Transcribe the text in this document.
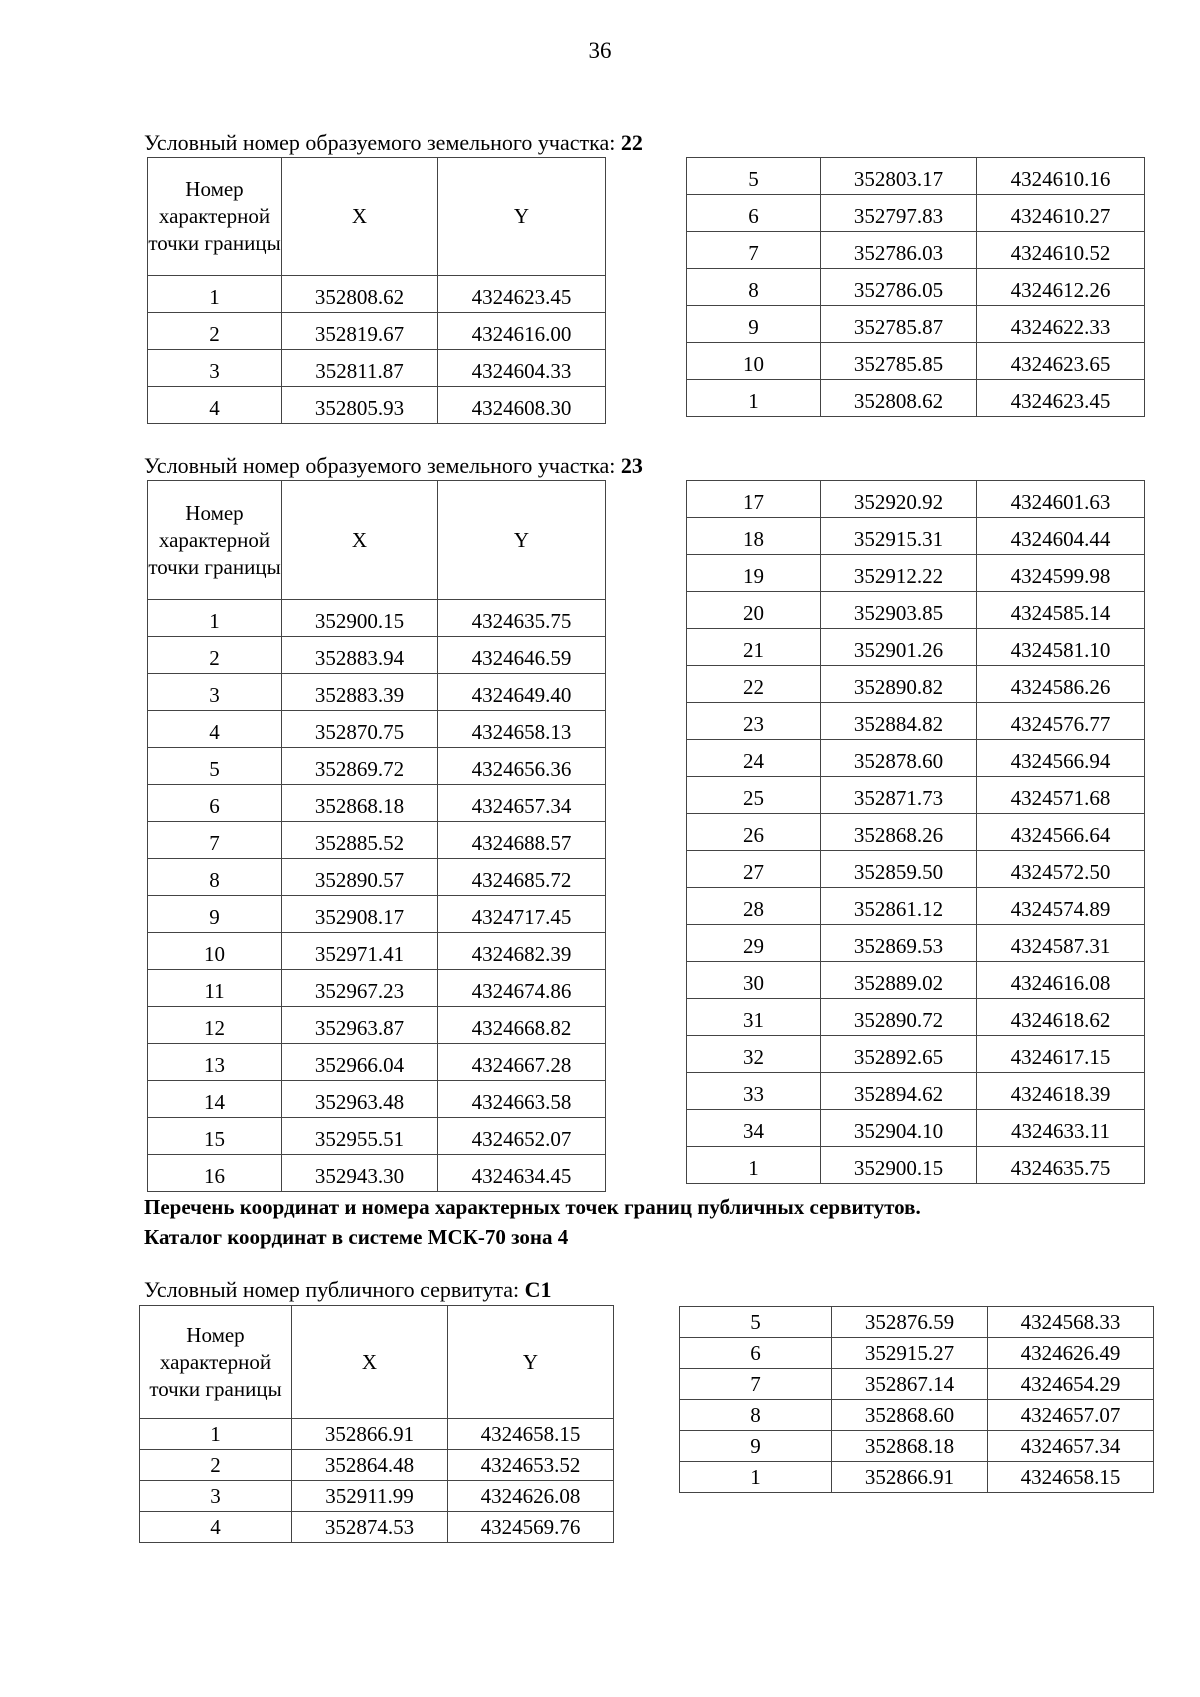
36
Условный номер образуемого земельного участка: 22
Номер характерной точки границы	X	Y
1	352808.62	4324623.45
2	352819.67	4324616.00
3	352811.87	4324604.33
4	352805.93	4324608.30
5	352803.17	4324610.16
6	352797.83	4324610.27
7	352786.03	4324610.52
8	352786.05	4324612.26
9	352785.87	4324622.33
10	352785.85	4324623.65
1	352808.62	4324623.45
Условный номер образуемого земельного участка: 23
Номер характерной точки границы	X	Y
1	352900.15	4324635.75
2	352883.94	4324646.59
3	352883.39	4324649.40
4	352870.75	4324658.13
5	352869.72	4324656.36
6	352868.18	4324657.34
7	352885.52	4324688.57
8	352890.57	4324685.72
9	352908.17	4324717.45
10	352971.41	4324682.39
11	352967.23	4324674.86
12	352963.87	4324668.82
13	352966.04	4324667.28
14	352963.48	4324663.58
15	352955.51	4324652.07
16	352943.30	4324634.45
17	352920.92	4324601.63
18	352915.31	4324604.44
19	352912.22	4324599.98
20	352903.85	4324585.14
21	352901.26	4324581.10
22	352890.82	4324586.26
23	352884.82	4324576.77
24	352878.60	4324566.94
25	352871.73	4324571.68
26	352868.26	4324566.64
27	352859.50	4324572.50
28	352861.12	4324574.89
29	352869.53	4324587.31
30	352889.02	4324616.08
31	352890.72	4324618.62
32	352892.65	4324617.15
33	352894.62	4324618.39
34	352904.10	4324633.11
1	352900.15	4324635.75
Перечень координат и номера характерных точек границ публичных сервитутов.
Каталог координат в системе МСК-70 зона 4
Условный номер публичного сервитута: С1
Номер характерной точки границы	X	Y
1	352866.91	4324658.15
2	352864.48	4324653.52
3	352911.99	4324626.08
4	352874.53	4324569.76
5	352876.59	4324568.33
6	352915.27	4324626.49
7	352867.14	4324654.29
8	352868.60	4324657.07
9	352868.18	4324657.34
1	352866.91	4324658.15
